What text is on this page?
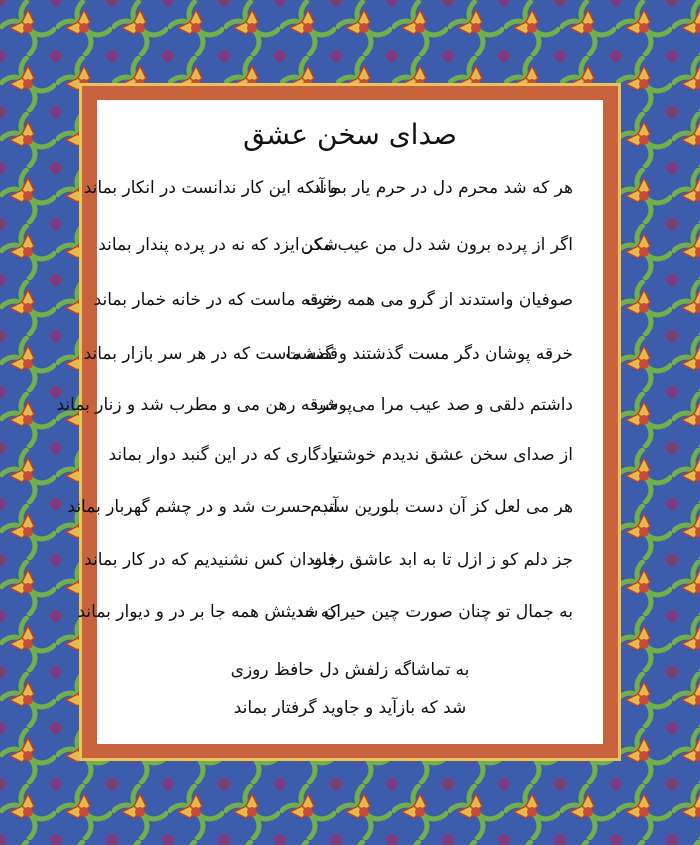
صدای سخن عشق
هر که شد محرم دل در حرم یار بماند
و آنکه این کار ندانست در انکار بماند
اگر از پرده برون شد دل من عیب مکن
شکر ایزد که نه در پرده پندار بماند
صوفیان واستدند از گرو می همه رخت
خرقه ماست که در خانه خمار بماند
خرقه پوشان دگر مست گذشتند و گذشت
قصه ماست که در هر سر بازار بماند
داشتم دلقی و صد عیب مرا می‌پوشید
خرقه رهن می و مطرب شد و زنار بماند
از صدای سخن عشق ندیدم خوشتر
یادگاری که در این گنبد دوار بماند
هر می لعل کز آن دست بلورین ستدم
آب حسرت شد و در چشم گهربار بماند
جز دلم کو ز ازل تا به ابد عاشق رفت
جاودان کس نشنیدیم که در کار بماند
به جمال تو چنان صورت چین حیران شد
که حدیثش همه جا بر در و دیوار بماند
به تماشاگه زلفش دل حافظ روزی
شد که بازآید و جاوید گرفتار بماند
